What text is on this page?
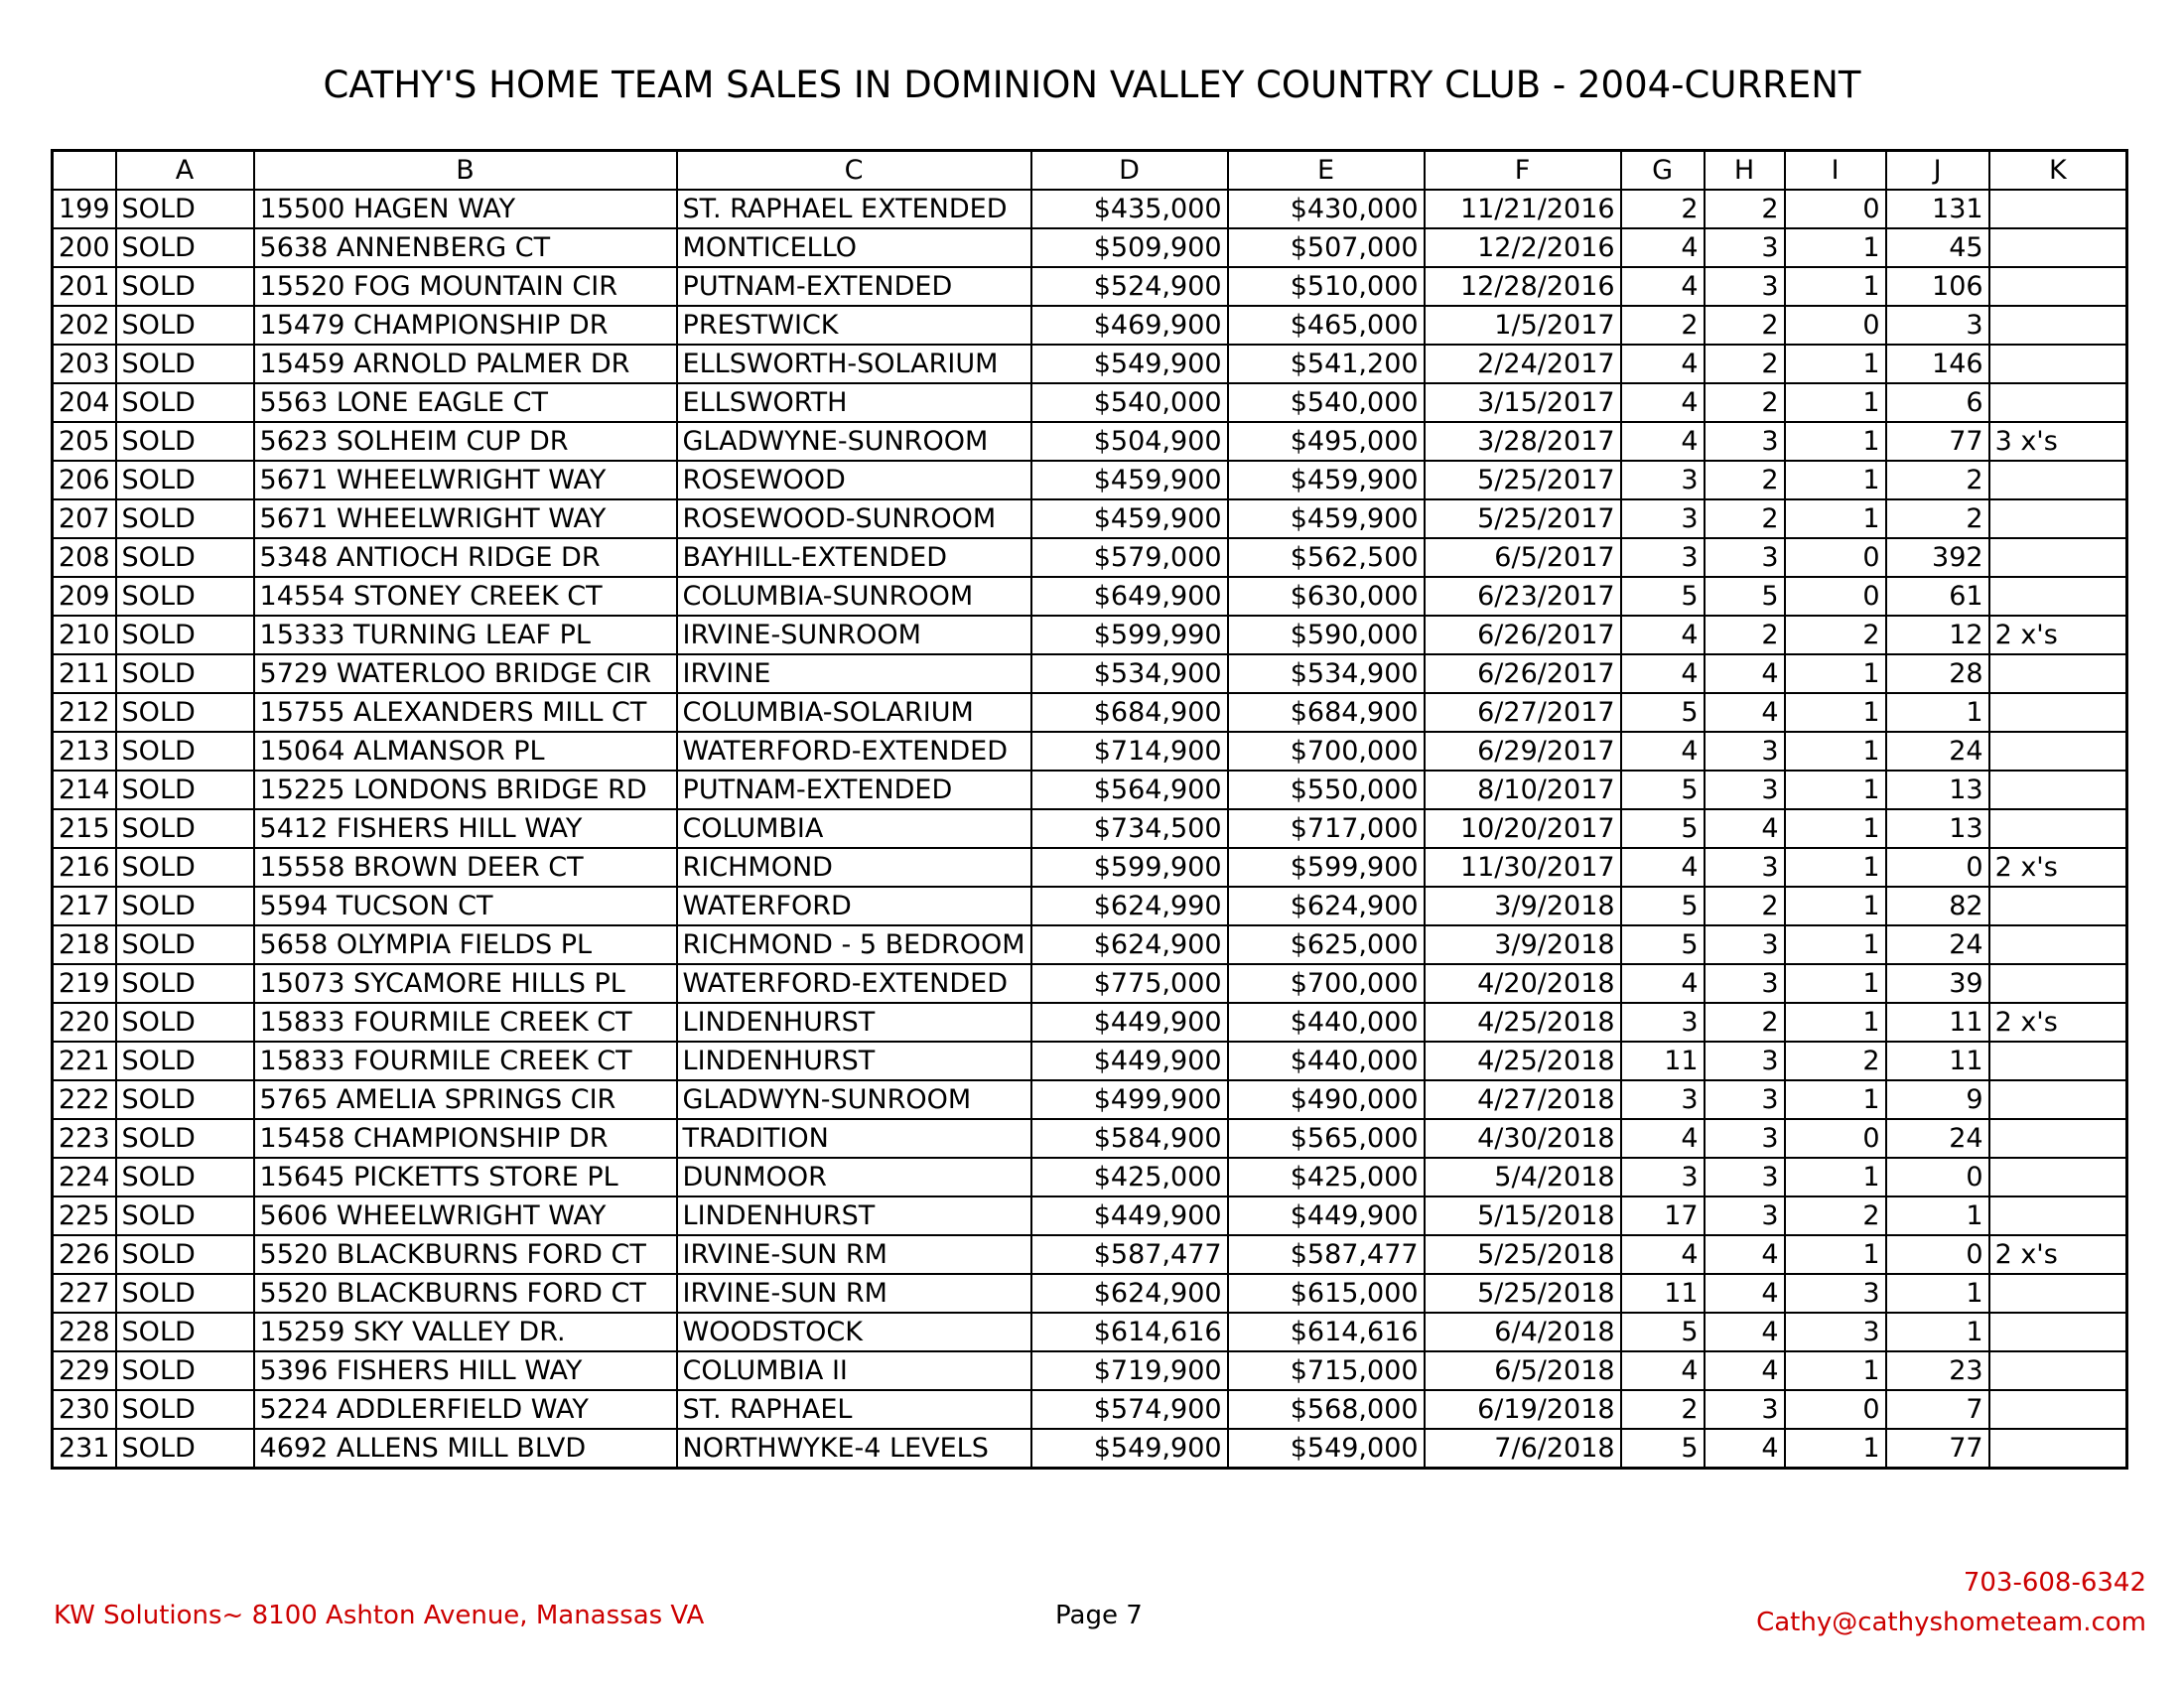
CATHY'S HOME TEAM SALES IN DOMINION VALLEY COUNTRY CLUB - 2004-CURRENT
	A	B	C	D	E	F	G	H	I	J	K
199	SOLD	15500 HAGEN WAY	ST. RAPHAEL EXTENDED	$435,000	$430,000	11/21/2016	2	2	0	131	
200	SOLD	5638 ANNENBERG CT	MONTICELLO	$509,900	$507,000	12/2/2016	4	3	1	45	
201	SOLD	15520 FOG MOUNTAIN CIR	PUTNAM-EXTENDED	$524,900	$510,000	12/28/2016	4	3	1	106	
202	SOLD	15479 CHAMPIONSHIP DR	PRESTWICK	$469,900	$465,000	1/5/2017	2	2	0	3	
203	SOLD	15459 ARNOLD PALMER DR	ELLSWORTH-SOLARIUM	$549,900	$541,200	2/24/2017	4	2	1	146	
204	SOLD	5563 LONE EAGLE CT	ELLSWORTH	$540,000	$540,000	3/15/2017	4	2	1	6	
205	SOLD	5623 SOLHEIM CUP DR	GLADWYNE-SUNROOM	$504,900	$495,000	3/28/2017	4	3	1	77	3 x's
206	SOLD	5671 WHEELWRIGHT WAY	ROSEWOOD	$459,900	$459,900	5/25/2017	3	2	1	2	
207	SOLD	5671 WHEELWRIGHT WAY	ROSEWOOD-SUNROOM	$459,900	$459,900	5/25/2017	3	2	1	2	
208	SOLD	5348 ANTIOCH RIDGE DR	BAYHILL-EXTENDED	$579,000	$562,500	6/5/2017	3	3	0	392	
209	SOLD	14554 STONEY CREEK CT	COLUMBIA-SUNROOM	$649,900	$630,000	6/23/2017	5	5	0	61	
210	SOLD	15333 TURNING LEAF PL	IRVINE-SUNROOM	$599,990	$590,000	6/26/2017	4	2	2	12	2 x's
211	SOLD	5729 WATERLOO BRIDGE CIR	IRVINE	$534,900	$534,900	6/26/2017	4	4	1	28	
212	SOLD	15755 ALEXANDERS MILL CT	COLUMBIA-SOLARIUM	$684,900	$684,900	6/27/2017	5	4	1	1	
213	SOLD	15064 ALMANSOR PL	WATERFORD-EXTENDED	$714,900	$700,000	6/29/2017	4	3	1	24	
214	SOLD	15225 LONDONS BRIDGE RD	PUTNAM-EXTENDED	$564,900	$550,000	8/10/2017	5	3	1	13	
215	SOLD	5412 FISHERS HILL WAY	COLUMBIA	$734,500	$717,000	10/20/2017	5	4	1	13	
216	SOLD	15558 BROWN DEER CT	RICHMOND	$599,900	$599,900	11/30/2017	4	3	1	0	2 x's
217	SOLD	5594 TUCSON CT	WATERFORD	$624,990	$624,900	3/9/2018	5	2	1	82	
218	SOLD	5658 OLYMPIA FIELDS PL	RICHMOND - 5 BEDROOM	$624,900	$625,000	3/9/2018	5	3	1	24	
219	SOLD	15073 SYCAMORE HILLS PL	WATERFORD-EXTENDED	$775,000	$700,000	4/20/2018	4	3	1	39	
220	SOLD	15833 FOURMILE CREEK CT	LINDENHURST	$449,900	$440,000	4/25/2018	3	2	1	11	2 x's
221	SOLD	15833 FOURMILE CREEK CT	LINDENHURST	$449,900	$440,000	4/25/2018	11	3	2	11	
222	SOLD	5765 AMELIA SPRINGS CIR	GLADWYN-SUNROOM	$499,900	$490,000	4/27/2018	3	3	1	9	
223	SOLD	15458 CHAMPIONSHIP DR	TRADITION	$584,900	$565,000	4/30/2018	4	3	0	24	
224	SOLD	15645 PICKETTS STORE PL	DUNMOOR	$425,000	$425,000	5/4/2018	3	3	1	0	
225	SOLD	5606 WHEELWRIGHT WAY	LINDENHURST	$449,900	$449,900	5/15/2018	17	3	2	1	
226	SOLD	5520 BLACKBURNS FORD CT	IRVINE-SUN RM	$587,477	$587,477	5/25/2018	4	4	1	0	2 x's
227	SOLD	5520 BLACKBURNS FORD CT	IRVINE-SUN RM	$624,900	$615,000	5/25/2018	11	4	3	1	
228	SOLD	15259 SKY VALLEY DR.	WOODSTOCK	$614,616	$614,616	6/4/2018	5	4	3	1	
229	SOLD	5396 FISHERS HILL WAY	COLUMBIA II	$719,900	$715,000	6/5/2018	4	4	1	23	
230	SOLD	5224 ADDLERFIELD WAY	ST. RAPHAEL	$574,900	$568,000	6/19/2018	2	3	0	7	
231	SOLD	4692 ALLENS MILL BLVD	NORTHWYKE-4 LEVELS	$549,900	$549,000	7/6/2018	5	4	1	77	
KW Solutions~ 8100 Ashton Avenue, Manassas VA	Page 7
703-608-6342
Cathy@cathyshometeam.com
